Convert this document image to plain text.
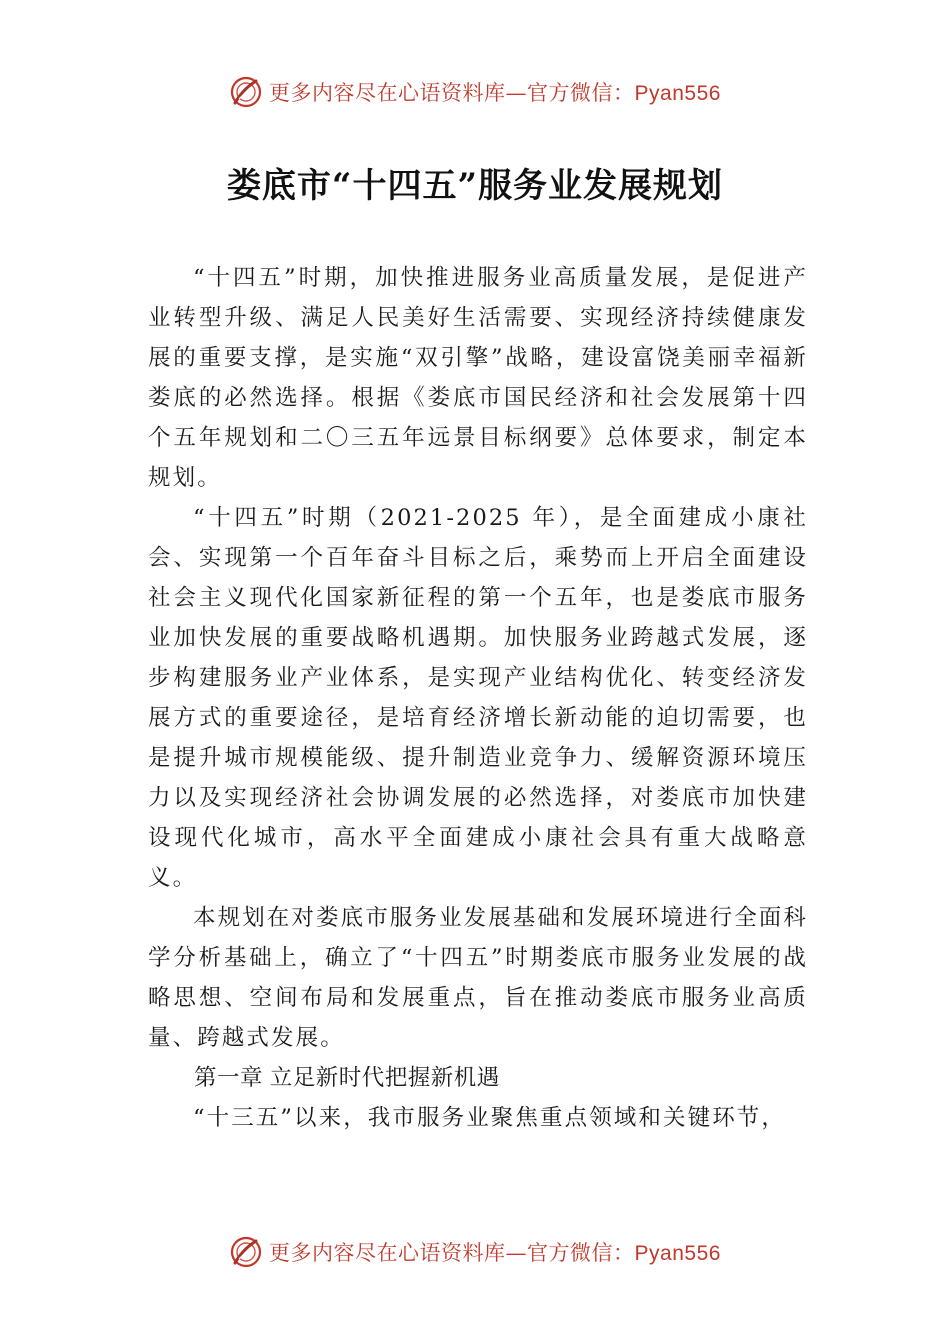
更多内容尽在心语资料库—官方微信：Pyan556
娄底市“十四五”服务业发展规划

“十四五”时期，加快推进服务业高质量发展，是促进产业转型升级、满足人民美好生活需要、实现经济持续健康发展的重要支撑，是实施“双引擎”战略，建设富饶美丽幸福新娄底的必然选择。根据《娄底市国民经济和社会发展第十四个五年规划和二〇三五年远景目标纲要》总体要求，制定本规划。

“十四五”时期（2021-2025 年），是全面建成小康社会、实现第一个百年奋斗目标之后，乘势而上开启全面建设社会主义现代化国家新征程的第一个五年，也是娄底市服务业加快发展的重要战略机遇期。加快服务业跨越式发展，逐步构建服务业产业体系，是实现产业结构优化、转变经济发展方式的重要途径，是培育经济增长新动能的迫切需要，也是提升城市规模能级、提升制造业竞争力、缓解资源环境压力以及实现经济社会协调发展的必然选择，对娄底市加快建设现代化城市，高水平全面建成小康社会具有重大战略意义。

本规划在对娄底市服务业发展基础和发展环境进行全面科学分析基础上，确立了“十四五”时期娄底市服务业发展的战略思想、空间布局和发展重点，旨在推动娄底市服务业高质量、跨越式发展。

第一章 立足新时代把握新机遇

“十三五”以来，我市服务业聚焦重点领域和关键环节，

更多内容尽在心语资料库—官方微信：Pyan556
